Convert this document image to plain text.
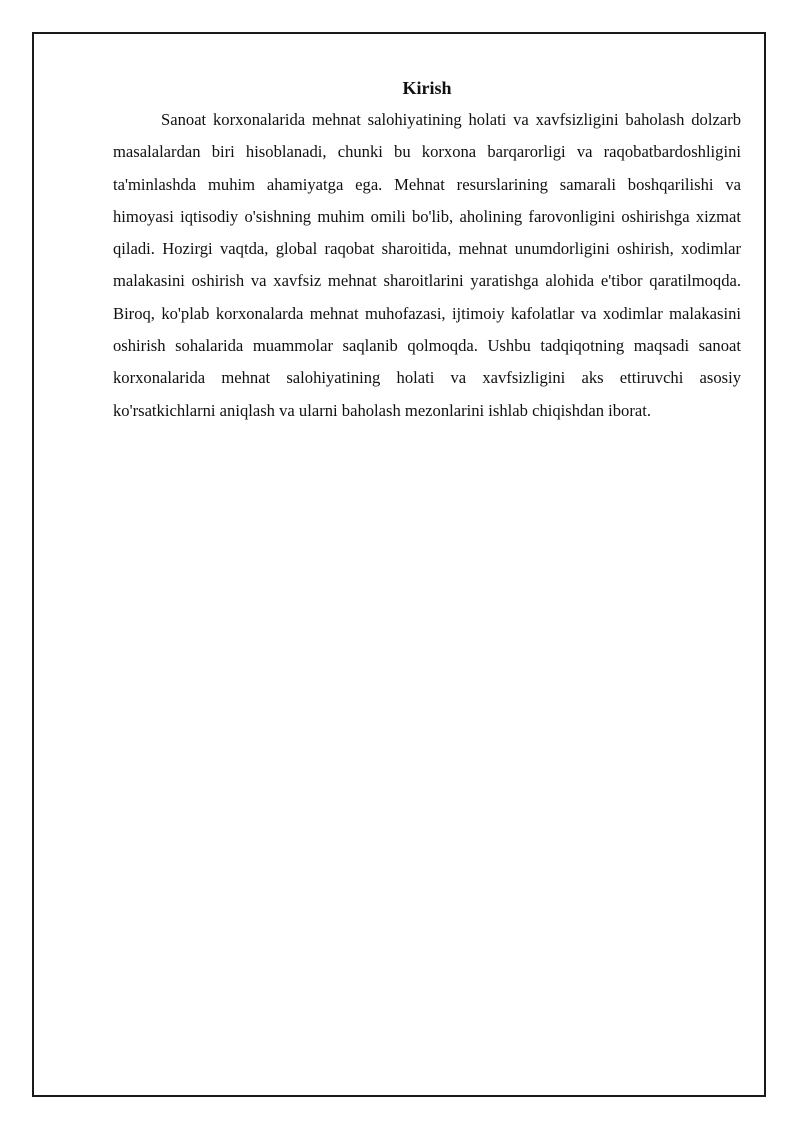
Kirish

Sanoat korxonalarida mehnat salohiyatining holati va xavfsizligini baholash dolzarb masalalardan biri hisoblanadi, chunki bu korxona barqarorligi va raqobatbardoshligini ta'minlashda muhim ahamiyatga ega. Mehnat resurslarining samarali boshqarilishi va himoyasi iqtisodiy o'sishning muhim omili bo'lib, aholining farovonligini oshirishga xizmat qiladi. Hozirgi vaqtda, global raqobat sharoitida, mehnat unumdorligini oshirish, xodimlar malakasini oshirish va xavfsiz mehnat sharoitlarini yaratishga alohida e'tibor qaratilmoqda. Biroq, ko'plab korxonalarda mehnat muhofazasi, ijtimoiy kafolatlar va xodimlar malakasini oshirish sohalarida muammolar saqlanib qolmoqda. Ushbu tadqiqotning maqsadi sanoat korxonalarida mehnat salohiyatining holati va xavfsizligini aks ettiruvchi asosiy ko'rsatkichlarni aniqlash va ularni baholash mezonlarini ishlab chiqishdan iborat.
